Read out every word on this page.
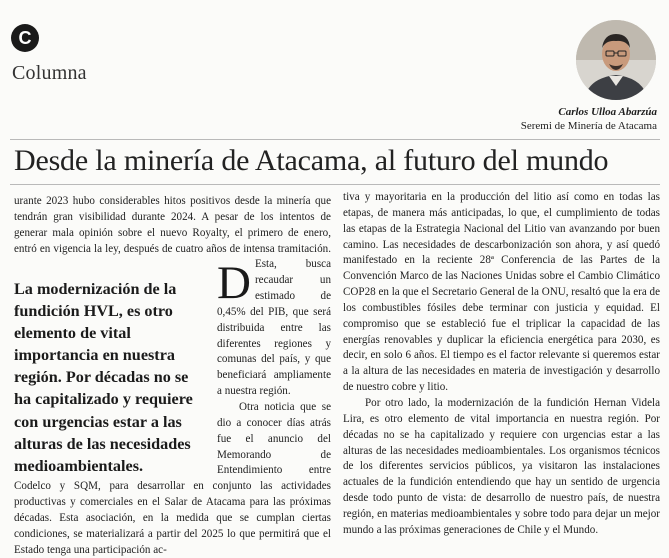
C
Columna
Carlos Ulloa Abarzúa
Seremi de Minería de Atacama
Desde la minería de Atacama, al futuro del mundo

D
urante 2023 hubo considerables hitos positivos desde la minería que tendrán gran visibilidad durante 2024. A pesar de los intentos de generar mala opinión sobre el nuevo Royalty, el primero de enero, entró en vigencia la ley, después de cuatro años de intensa tramitación. Esta, busca recaudar un estimado de 0,45% del PIB, que será distribuida entre las diferentes regiones y comunas del país, y que beneficiará ampliamente a nuestra región.

Otra noticia que se dio a conocer días atrás fue el anuncio del Memorando de Entendimiento entre Codelco y SQM, para desarrollar en conjunto las actividades productivas y comerciales en el Salar de Atacama para las próximas décadas. Esta asociación, en la medida que se cumplan ciertas condiciones, se materializará a partir del 2025 lo que permitirá que el Estado tenga una participación ac-

La modernización de la fundición HVL, es otro elemento de vital importancia en nuestra región. Por décadas no se ha capitalizado y requiere con urgencias estar a las alturas de las necesidades medioambientales.

tiva y mayoritaria en la producción del litio así como en todas las etapas, de manera más anticipadas, lo que, el cumplimiento de todas las etapas de la Estrategia Nacional del Litio van avanzando por buen camino. Las necesidades de descarbonización son ahora, y así quedó manifestado en la reciente 28ª Conferencia de las Partes de la Convención Marco de las Naciones Unidas sobre el Cambio Climático COP28 en la que el Secretario General de la ONU, resaltó que la era de los combustibles fósiles debe terminar con justicia y equidad. El compromiso que se estableció fue el triplicar la capacidad de las energías renovables y duplicar la eficiencia energética para 2030, es decir, en solo 6 años. El tiempo es el factor relevante si queremos estar a la altura de las necesidades en materia de investigación y desarrollo de nuestro cobre y litio.

Por otro lado, la modernización de la fundición Hernan Videla Lira, es otro elemento de vital importancia en nuestra región. Por décadas no se ha capitalizado y requiere con urgencias estar a las alturas de las necesidades medioambientales. Los organismos técnicos de los diferentes servicios públicos, ya visitaron las instalaciones actuales de la fundición entendiendo que hay un sentido de urgencia desde todo punto de vista: de desarrollo de nuestro país, de nuestra región, en materias medioambientales y sobre todo para dejar un mejor mundo a las próximas generaciones de Chile y el Mundo.
